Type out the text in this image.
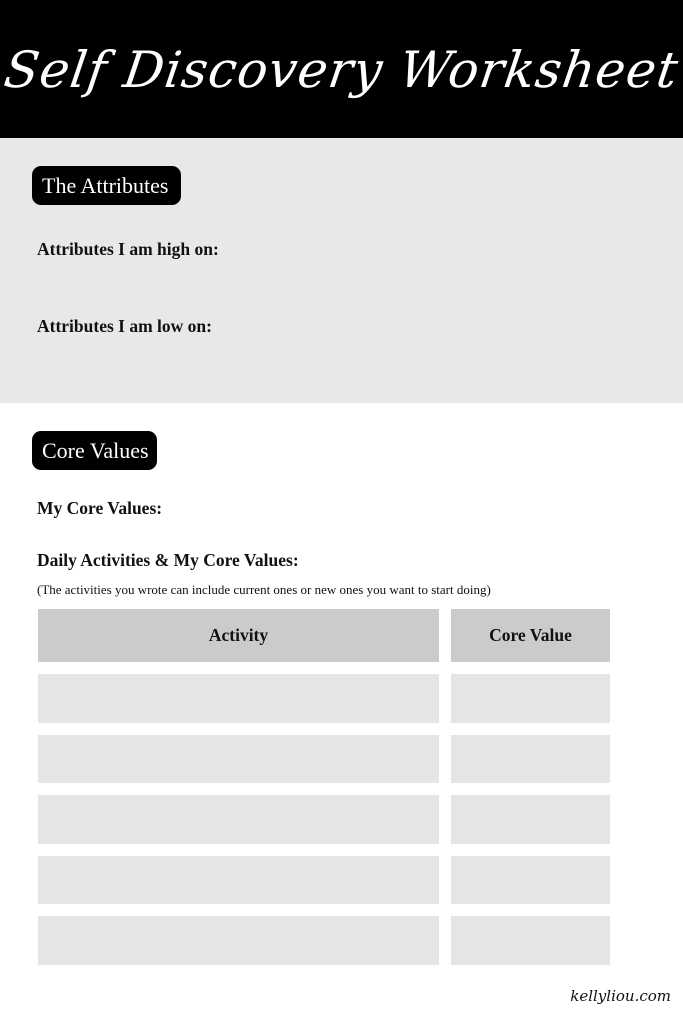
Self Discovery Worksheet
The Attributes
Attributes I am high on:
Attributes I am low on:
Core Values
My Core Values:
Daily Activities & My Core Values:
(The activities you wrote can include current ones or new ones you want to start doing)
Activity	Core Value
kellyliou.com
